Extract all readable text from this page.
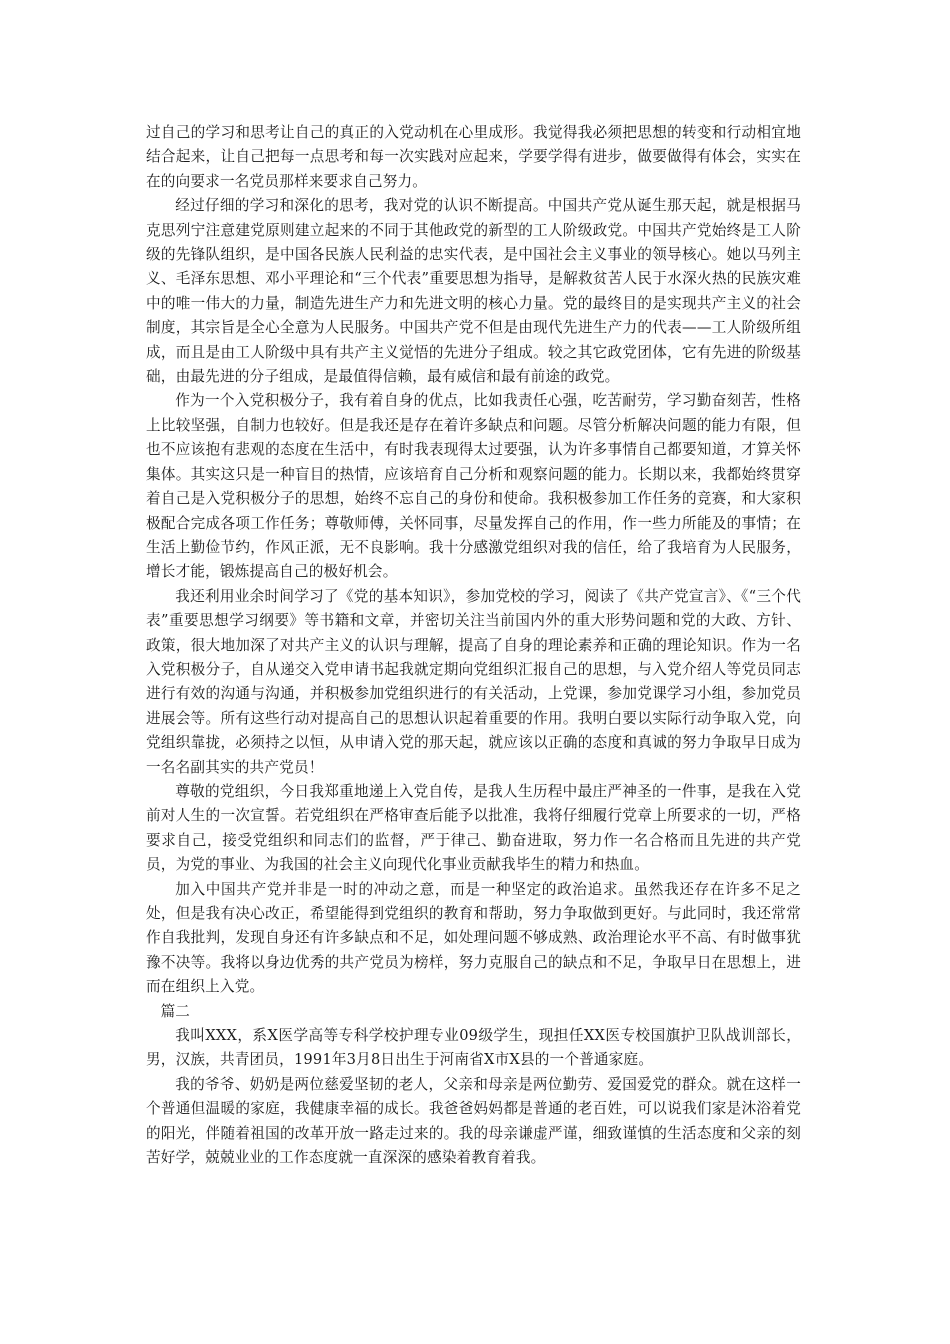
过自己的学习和思考让自己的真正的入党动机在心里成形。我觉得我必须把思想的转变和行动相宜地结合起来，让自己把每一点思考和每一次实践对应起来，学要学得有进步，做要做得有体会，实实在在的向要求一名党员那样来要求自己努力。

经过仔细的学习和深化的思考，我对党的认识不断提高。中国共产党从诞生那天起，就是根据马克思列宁注意建党原则建立起来的不同于其他政党的新型的工人阶级政党。中国共产党始终是工人阶级的先锋队组织，是中国各民族人民利益的忠实代表，是中国社会主义事业的领导核心。她以马列主义、毛泽东思想、邓小平理论和“三个代表”重要思想为指导，是解救贫苦人民于水深火热的民族灾难中的唯一伟大的力量，制造先进生产力和先进文明的核心力量。党的最终目的是实现共产主义的社会制度，其宗旨是全心全意为人民服务。中国共产党不但是由现代先进生产力的代表——工人阶级所组成，而且是由工人阶级中具有共产主义觉悟的先进分子组成。较之其它政党团体，它有先进的阶级基础，由最先进的分子组成，是最值得信赖，最有威信和最有前途的政党。

作为一个入党积极分子，我有着自身的优点，比如我责任心强，吃苦耐劳，学习勤奋刻苦，性格上比较坚强，自制力也较好。但是我还是存在着许多缺点和问题。尽管分析解决问题的能力有限，但也不应该抱有悲观的态度在生活中，有时我表现得太过要强，认为许多事情自己都要知道，才算关怀集体。其实这只是一种盲目的热情，应该培育自己分析和观察问题的能力。长期以来，我都始终贯穿着自己是入党积极分子的思想，始终不忘自己的身份和使命。我积极参加工作任务的竞赛，和大家积极配合完成各项工作任务；尊敬师傅，关怀同事，尽量发挥自己的作用，作一些力所能及的事情；在生活上勤俭节约，作风正派，无不良影响。我十分感激党组织对我的信任，给了我培育为人民服务，增长才能，锻炼提高自己的极好机会。

我还利用业余时间学习了《党的基本知识》，参加党校的学习，阅读了《共产党宣言》、《“三个代表”重要思想学习纲要》等书籍和文章，并密切关注当前国内外的重大形势问题和党的大政、方针、政策，很大地加深了对共产主义的认识与理解，提高了自身的理论素养和正确的理论知识。作为一名入党积极分子，自从递交入党申请书起我就定期向党组织汇报自己的思想，与入党介绍人等党员同志进行有效的沟通与沟通，并积极参加党组织进行的有关活动，上党课，参加党课学习小组，参加党员进展会等。所有这些行动对提高自己的思想认识起着重要的作用。我明白要以实际行动争取入党，向党组织靠拢，必须持之以恒，从申请入党的那天起，就应该以正确的态度和真诚的努力争取早日成为一名名副其实的共产党员！

尊敬的党组织，今日我郑重地递上入党自传，是我人生历程中最庄严神圣的一件事，是我在入党前对人生的一次宣誓。若党组织在严格审查后能予以批准，我将仔细履行党章上所要求的一切，严格要求自己，接受党组织和同志们的监督，严于律己、勤奋进取，努力作一名合格而且先进的共产党员，为党的事业、为我国的社会主义向现代化事业贡献我毕生的精力和热血。

加入中国共产党并非是一时的冲动之意，而是一种坚定的政治追求。虽然我还存在许多不足之处，但是我有决心改正，希望能得到党组织的教育和帮助，努力争取做到更好。与此同时，我还常常作自我批判，发现自身还有许多缺点和不足，如处理问题不够成熟、政治理论水平不高、有时做事犹豫不决等。我将以身边优秀的共产党员为榜样，努力克服自己的缺点和不足，争取早日在思想上，进而在组织上入党。

篇二

我叫XXX，系X医学高等专科学校护理专业09级学生，现担任XX医专校国旗护卫队战训部长，男，汉族，共青团员，1991年3月8日出生于河南省X市X县的一个普通家庭。

我的爷爷、奶奶是两位慈爱坚韧的老人，父亲和母亲是两位勤劳、爱国爱党的群众。就在这样一个普通但温暖的家庭，我健康幸福的成长。我爸爸妈妈都是普通的老百姓，可以说我们家是沐浴着党的阳光，伴随着祖国的改革开放一路走过来的。我的母亲谦虚严谨，细致谨慎的生活态度和父亲的刻苦好学，兢兢业业的工作态度就一直深深的感染着教育着我。
